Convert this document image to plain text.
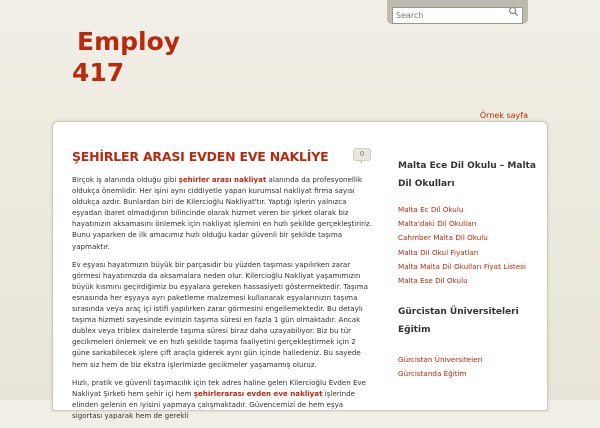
Search
Employ
417
Örnek sayfa
ŞEHİRLER ARASI EVDEN EVE NAKLİYE

Birçok iş alanında olduğu gibi şehirler arası nakliyat alanında da profesyonellik oldukça önemlidir. Her işini aynı ciddiyetle yapan kurumsal nakliyat firma sayısı oldukça azdır. Bunlardan biri de Kilercioğlu Nakliyat'tır. Yaptığı işlerin yalnızca eşyadan ibaret olmadığının bilincinde olarak hizmet veren bir şirket olarak biz hayatınızın aksamasını önlemek için nakliyat işlemini en hızlı şekilde gerçekleştiririz. Bunu yaparken de ilk amacımız hızlı olduğu kadar güvenli bir şekilde taşıma yapmaktır.

Ev eşyası hayatımızın büyük bir parçasıdır bu yüzden taşıması yapılırken zarar görmesi hayatımızda da aksamalara neden olur. Kilercioğlu Nakliyat yaşamımızın büyük kısmını geçirdiğimiz bu eşyalara gereken hassasiyeti göstermektedir. Taşıma esnasında her eşyaya ayrı paketleme malzemesi kullanarak eşyalarınızın taşıma sırasında veya araç içi istifi yapılırken zarar görmesini engellemektedir. Bu detaylı taşıma hizmeti sayesinde evinizin taşıma süresi en fazla 1 gün olmaktadır. Ancak dublex veya tribleх dairelerde taşıma süresi biraz daha uzayabiliyor. Biz bu tür gecikmeleri önlemek ve en hızlı şekilde taşıma faaliyetini gerçekleştirmek için 2 güne sarkabilecek işlere çift araçla giderek aynı gün içinde halledeniz. Bu sayede hem siz hem de biz ekstra işlerimizde gecikmeler yaşamamış oluruz.

Hızlı, pratik ve güvenli taşımacılık için tek adres haline gelen Kilercioğlu Evden Eve Nakliyat Şirketi hem şehir içi hem şehirlerarası evden eve nakliyat işlerinde elinden gelenin en iyisini yapmaya çalışmaktadır. Güvencemizi de hem eşya sigortası yaparak hem de gerekli

0
Malta Ece Dil Okulu – Malta Dil Okulları
Malta Ec Dil Okulu
Malta'daki Dil Okulları
Cahmber Malta Dil Okulu
Malta Dil Okul Fiyatları
Malta Malta Dil Okulları Fiyat Listesi
Malta Ese Dil Okulu
Gürcistan Üniversiteleri Eğitim
Gürcistan Üniversiteleri
Gürcistanda Eğitim
